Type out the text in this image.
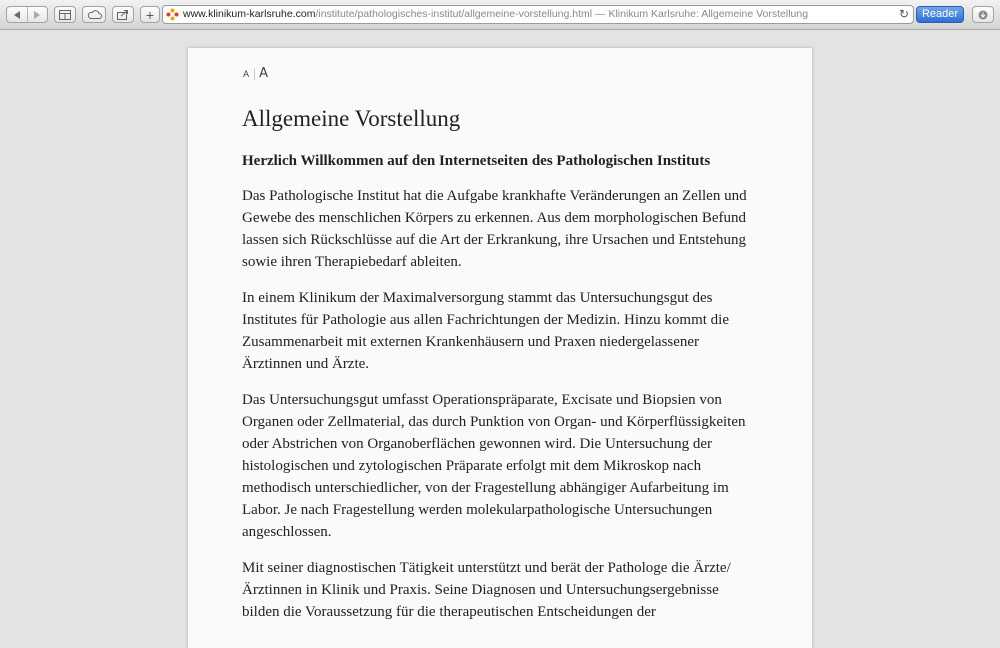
+	www.klinikum-karlsruhe.com/institute/pathologisches-institut/allgemeine-vorstellung.html — Klinikum Karlsruhe: Allgemeine Vorstellung	↻	Reader
A A
Allgemeine Vorstellung
Herzlich Willkommen auf den Internetseiten des Pathologischen Instituts

Das Pathologische Institut hat die Aufgabe krankhafte Veränderungen an Zellen und Gewebe des menschlichen Körpers zu erkennen. Aus dem morphologischen Befund lassen sich Rückschlüsse auf die Art der Erkrankung, ihre Ursachen und Entstehung sowie ihren Therapiebedarf ableiten.

In einem Klinikum der Maximalversorgung stammt das Untersuchungsgut des Institutes für Pathologie aus allen Fachrichtungen der Medizin. Hinzu kommt die Zusammenarbeit mit externen Krankenhäusern und Praxen niedergelassener Ärztinnen und Ärzte.

Das Untersuchungsgut umfasst Operationspräparate, Excisate und Biopsien von Organen oder Zellmaterial, das durch Punktion von Organ- und Körperflüssigkeiten oder Abstrichen von Organoberflächen gewonnen wird. Die Untersuchung der histologischen und zytologischen Präparate erfolgt mit dem Mikroskop nach methodisch unterschiedlicher, von der Fragestellung abhängiger Aufarbeitung im Labor. Je nach Fragestellung werden molekularpathologische Untersuchungen angeschlossen.

Mit seiner diagnostischen Tätigkeit unterstützt und berät der Pathologe die Ärzte/Ärztinnen in Klinik und Praxis. Seine Diagnosen und Untersuchungsergebnisse bilden die Voraussetzung für die therapeutischen Entscheidungen der
